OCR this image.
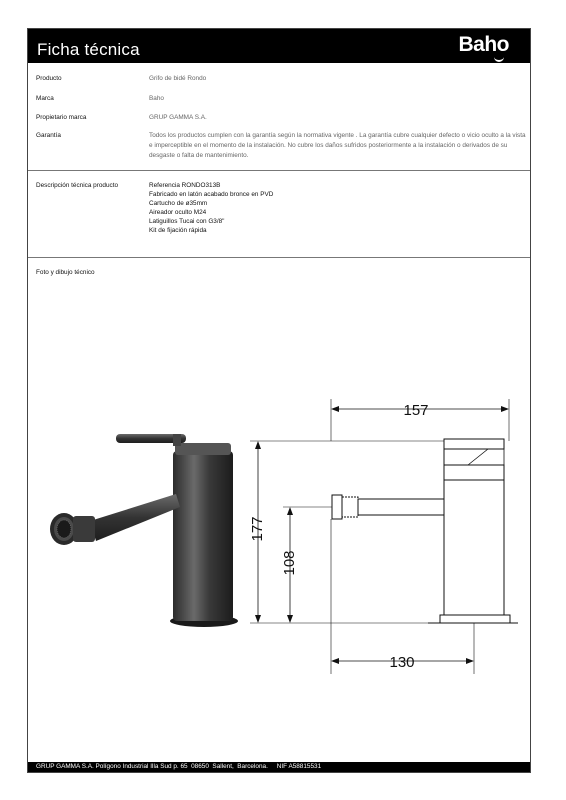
Ficha técnica	Baho
Producto	Grifo de bidé Rondo
Marca	Baho
Propietario marca	GRUP GAMMA S.A.
Garantía	Todos los productos cumplen con la garantía según la normativa vigente . La garantía cubre cualquier defecto o vicio oculto a la vista e imperceptible en el momento de la instalación. No cubre los daños sufridos posteriormente a la instalación o derivados de su desgaste o falta de mantenimiento.
Descripción técnica producto	Referencia RONDO313B
Fabricado en latón acabado bronce en PVD
Cartucho de ø35mm
Aireador oculto M24
Latiguillos Tucai con G3/8"
Kit de fijación rápida
Foto y dibujo técnico
157
177
108
130
GRUP GAMMA S.A. Polígono Industrial Illa Sud p. 65  08650  Sallent,  Barcelona.     NIF A58815531
